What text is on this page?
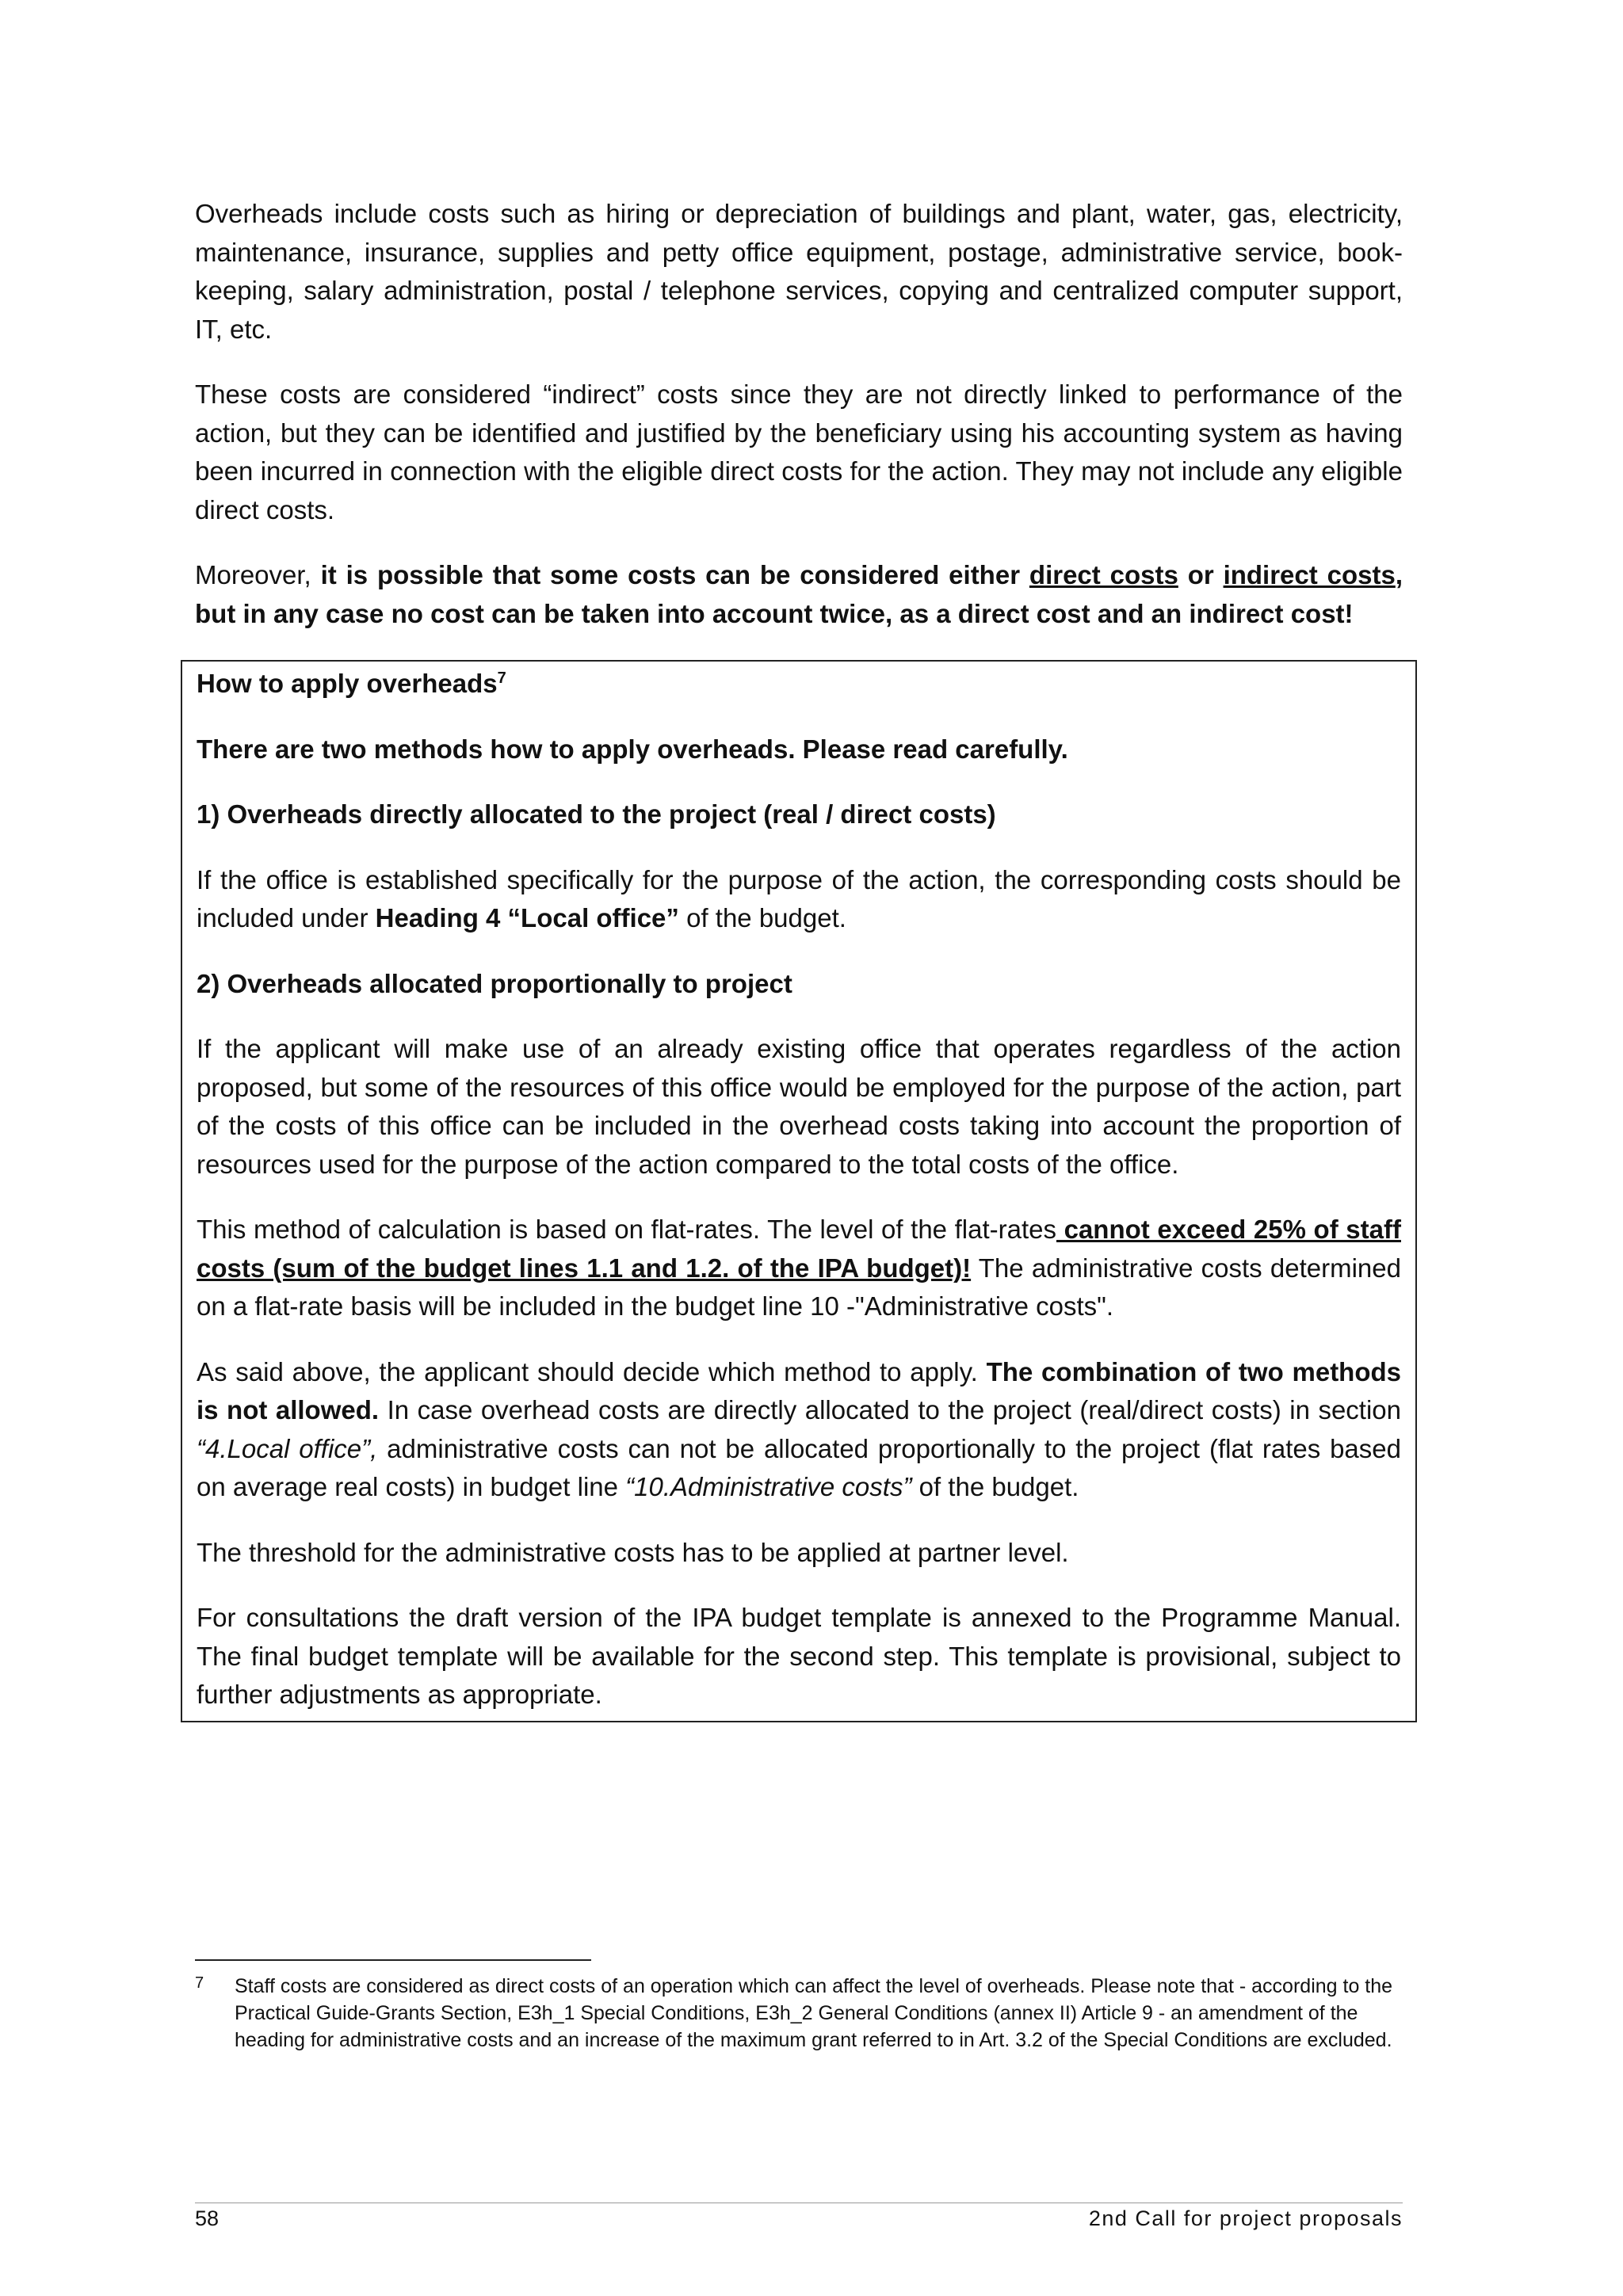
Overheads include costs such as hiring or depreciation of buildings and plant, water, gas, electricity, maintenance, insurance, supplies and petty office equipment, postage, administrative service, book-keeping, salary administration, postal / telephone services, copying and centralized computer support, IT, etc.

These costs are considered “indirect” costs since they are not directly linked to performance of the action, but they can be identified and justified by the beneficiary using his accounting system as having been incurred in connection with the eligible direct costs for the action. They may not include any eligible direct costs.

Moreover, it is possible that some costs can be considered either direct costs or indirect costs, but in any case no cost can be taken into account twice, as a direct cost and an indirect cost!

How to apply overheads$^7$

There are two methods how to apply overheads. Please read carefully.

1) Overheads directly allocated to the project (real / direct costs)

If the office is established specifically for the purpose of the action, the corresponding costs should be included under Heading 4 “Local office” of the budget.

2) Overheads allocated proportionally to project

If the applicant will make use of an already existing office that operates regardless of the action proposed, but some of the resources of this office would be employed for the purpose of the action, part of the costs of this office can be included in the overhead costs taking into account the proportion of resources used for the purpose of the action compared to the total costs of the office.

This method of calculation is based on flat-rates. The level of the flat-rates cannot exceed 25% of staff costs (sum of the budget lines 1.1 and 1.2. of the IPA budget)! The administrative costs determined on a flat-rate basis will be included in the budget line 10 -"Administrative costs".

As said above, the applicant should decide which method to apply. The combination of two methods is not allowed. In case overhead costs are directly allocated to the project (real/direct costs) in section “4.Local office”, administrative costs can not be allocated proportionally to the project (flat rates based on average real costs) in budget line “10.Administrative costs” of the budget.

The threshold for the administrative costs has to be applied at partner level.

For consultations the draft version of the IPA budget template is annexed to the Programme Manual. The final budget template will be available for the second step. This template is provisional, subject to further adjustments as appropriate.

7 Staff costs are considered as direct costs of an operation which can affect the level of overheads. Please note that - according to the Practical Guide-Grants Section, E3h_1 Special Conditions, E3h_2 General Conditions (annex II) Article 9 - an amendment of the heading for administrative costs and an increase of the maximum grant referred to in Art. 3.2 of the Special Conditions are excluded.
58	2nd Call for project proposals
